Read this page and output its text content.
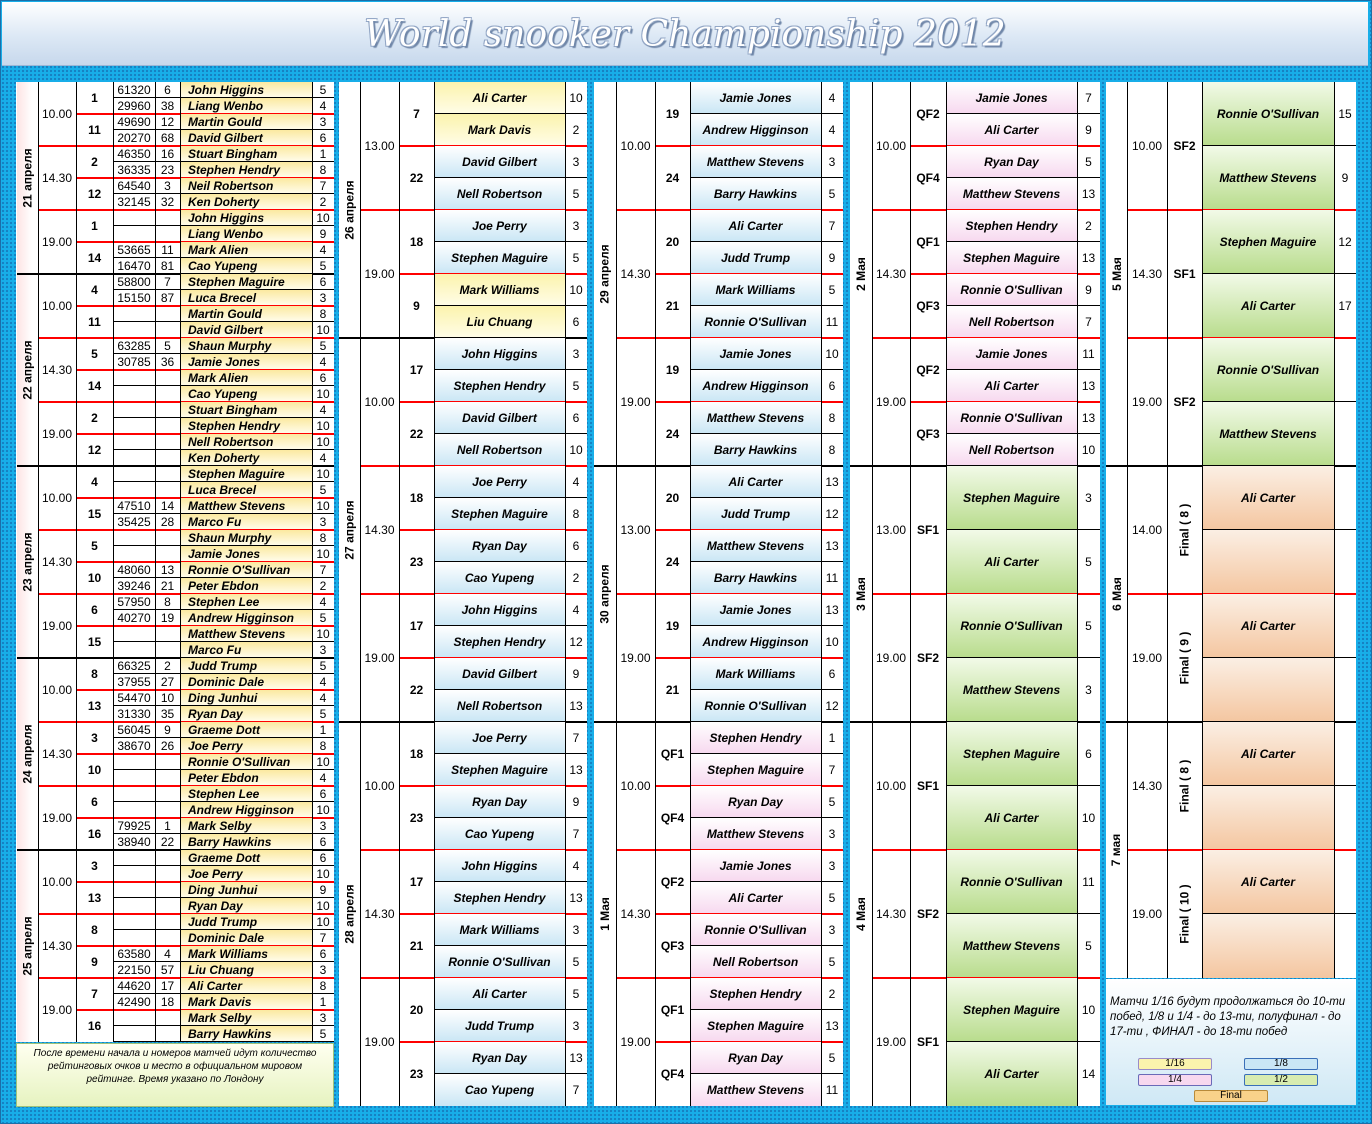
World snooker Championship 2012
21 апреля
10.00
1
61320	6	John Higgins	5
29960 38	Liang Wenbo	4
11
49690 12	Martin Gould	3
20270 68	David Gilbert	6
14.30
2
46350 16	Stuart Bingham	1
36335 23	Stephen Hendry	8
12
64540	3	Neil Robertson	7
32145 32	Ken Doherty	2
19.00
1
John Higgins	10
Liang Wenbo	9
14
53665 11	Mark Alien	4
16470 81	Cao Yupeng	5
22 апреля
10.00
4
58800	7	Stephen Maguire	6
15150 87	Luca Brecel	3
11
Martin Gould	8
David Gilbert	10
14.30
5
63285	5	Shaun Murphy	5
30785 36	Jamie Jones	4
14
Mark Alien	6
Cao Yupeng	10
19.00
2
Stuart Bingham	4
Stephen Hendry	10
12
Nell Robertson	10
Ken Doherty	4
23 апреля
10.00
4
Stephen Maguire	10
Luca Brecel	5
15
47510 14	Matthew Stevens	10
35425 28	Marco Fu	3
14.30
5
Shaun Murphy	8
Jamie Jones	10
10
48060 13	Ronnie O'Sullivan	7
39246 21	Peter Ebdon	2
19.00
6
57950	8	Stephen Lee	4
40270 19	Andrew Higginson	5
15
Matthew Stevens	10
Marco Fu	3
24 апреля
10.00
8
66325	2	Judd Trump	5
37955 27	Dominic Dale	4
13
54470 10	Ding Junhui	4
31330 35	Ryan Day	5
14.30
3
56045	9	Graeme Dott	1
38670 26	Joe Perry	8
10
Ronnie O'Sullivan	10
Peter Ebdon	4
19.00
6
Stephen Lee	6
Andrew Higginson	10
16
79925	1	Mark Selby	3
38940 22	Barry Hawkins	6
25 апреля
10.00
3
Graeme Dott	6
Joe Perry	10
13
Ding Junhui	9
Ryan Day	10
14.30
8
Judd Trump	10
Dominic Dale	7
9
63580	4	Mark Williams	6
22150 57	Liu Chuang	3
19.00
7
44620 17	Ali Carter	8
42490 18	Mark Davis	1
16
Mark Selby	3
Barry Hawkins	5
26 апреля
13.00
7
Ali Carter	10
Mark Davis	2
22
David Gilbert	3
Nell Robertson	5
19.00
18
Joe Perry	3
Stephen Maguire	5
9
Mark Williams	10
Liu Chuang	6
27 апреля
10.00
17
John Higgins	3
Stephen Hendry	5
22
David Gilbert	6
Nell Robertson	10
14.30
18
Joe Perry	4
Stephen Maguire	8
23
Ryan Day	6
Cao Yupeng	2
19.00
17
John Higgins	4
Stephen Hendry	12
22
David Gilbert	9
Nell Robertson	13
28 апреля
10.00
18
Joe Perry	7
Stephen Maguire	13
23
Ryan Day	9
Cao Yupeng	7
14.30
17
John Higgins	4
Stephen Hendry	13
21
Mark Williams	3
Ronnie O'Sullivan	5
19.00
20
Ali Carter	5
Judd Trump	3
23
Ryan Day	13
Cao Yupeng	7
29 апреля
10.00
19
Jamie Jones	4
Andrew Higginson	4
24
Matthew Stevens	3
Barry Hawkins	5
14.30
20
Ali Carter	7
Judd Trump	9
21
Mark Williams	5
Ronnie O'Sullivan	11
19.00
19
Jamie Jones	10
Andrew Higginson	6
24
Matthew Stevens	8
Barry Hawkins	8
30 апреля
13.00
20
Ali Carter	13
Judd Trump	12
24
Matthew Stevens	13
Barry Hawkins	11
19.00
19
Jamie Jones	13
Andrew Higginson	10
21
Mark Williams	6
Ronnie O'Sullivan	12
1 Мая
10.00
QF1
Stephen Hendry	1
Stephen Maguire	7
QF4
Ryan Day	5
Matthew Stevens	3
14.30
QF2
Jamie Jones	3
Ali Carter	5
QF3
Ronnie O'Sullivan	3
Nell Robertson	5
19.00
QF1
Stephen Hendry	2
Stephen Maguire	13
QF4
Ryan Day	5
Matthew Stevens	11
2 Мая
10.00
QF2
Jamie Jones	7
Ali Carter	9
QF4
Ryan Day	5
Matthew Stevens	13
14.30
QF1
Stephen Hendry	2
Stephen Maguire	13
QF3
Ronnie O'Sullivan	9
Nell Robertson	7
19.00
QF2
Jamie Jones	11
Ali Carter	13
QF3
Ronnie O'Sullivan	13
Nell Robertson	10
3 Мая
13.00 SF1
Stephen Maguire	3
Ali Carter	5
19.00 SF2
Ronnie O'Sullivan	5
Matthew Stevens	3
4 Мая
10.00 SF1
Stephen Maguire	6
Ali Carter	10
14.30 SF2
Ronnie O'Sullivan	11
Matthew Stevens	5
19.00 SF1
Stephen Maguire	10
Ali Carter	14
5 Мая
10.00 SF2
Ronnie O'Sullivan	15
Matthew Stevens	9
14.30 SF1
Stephen Maguire	12
Ali Carter	17
19.00 SF2
Ronnie O'Sullivan
Matthew Stevens
6 Мая
14.00	Final ( 8 )
Ali Carter
19.00	Final ( 9 )
Ali Carter
7 мая
14.30	Final ( 8 )
Ali Carter
19.00	Final ( 10 )
Ali Carter
После времени начала и номеров матчей идут количество рейтинговых очков и место в официальном мировом рейтинге. Время указано по Лондону
Матчи 1/16 будут продолжаться до 10-ти побед, 1/8 и 1/4 - до 13-ти, полуфинал - до 17-ти , ФИНАЛ - до 18-ти побед
1/16	1/8
1/4	1/2
Final
